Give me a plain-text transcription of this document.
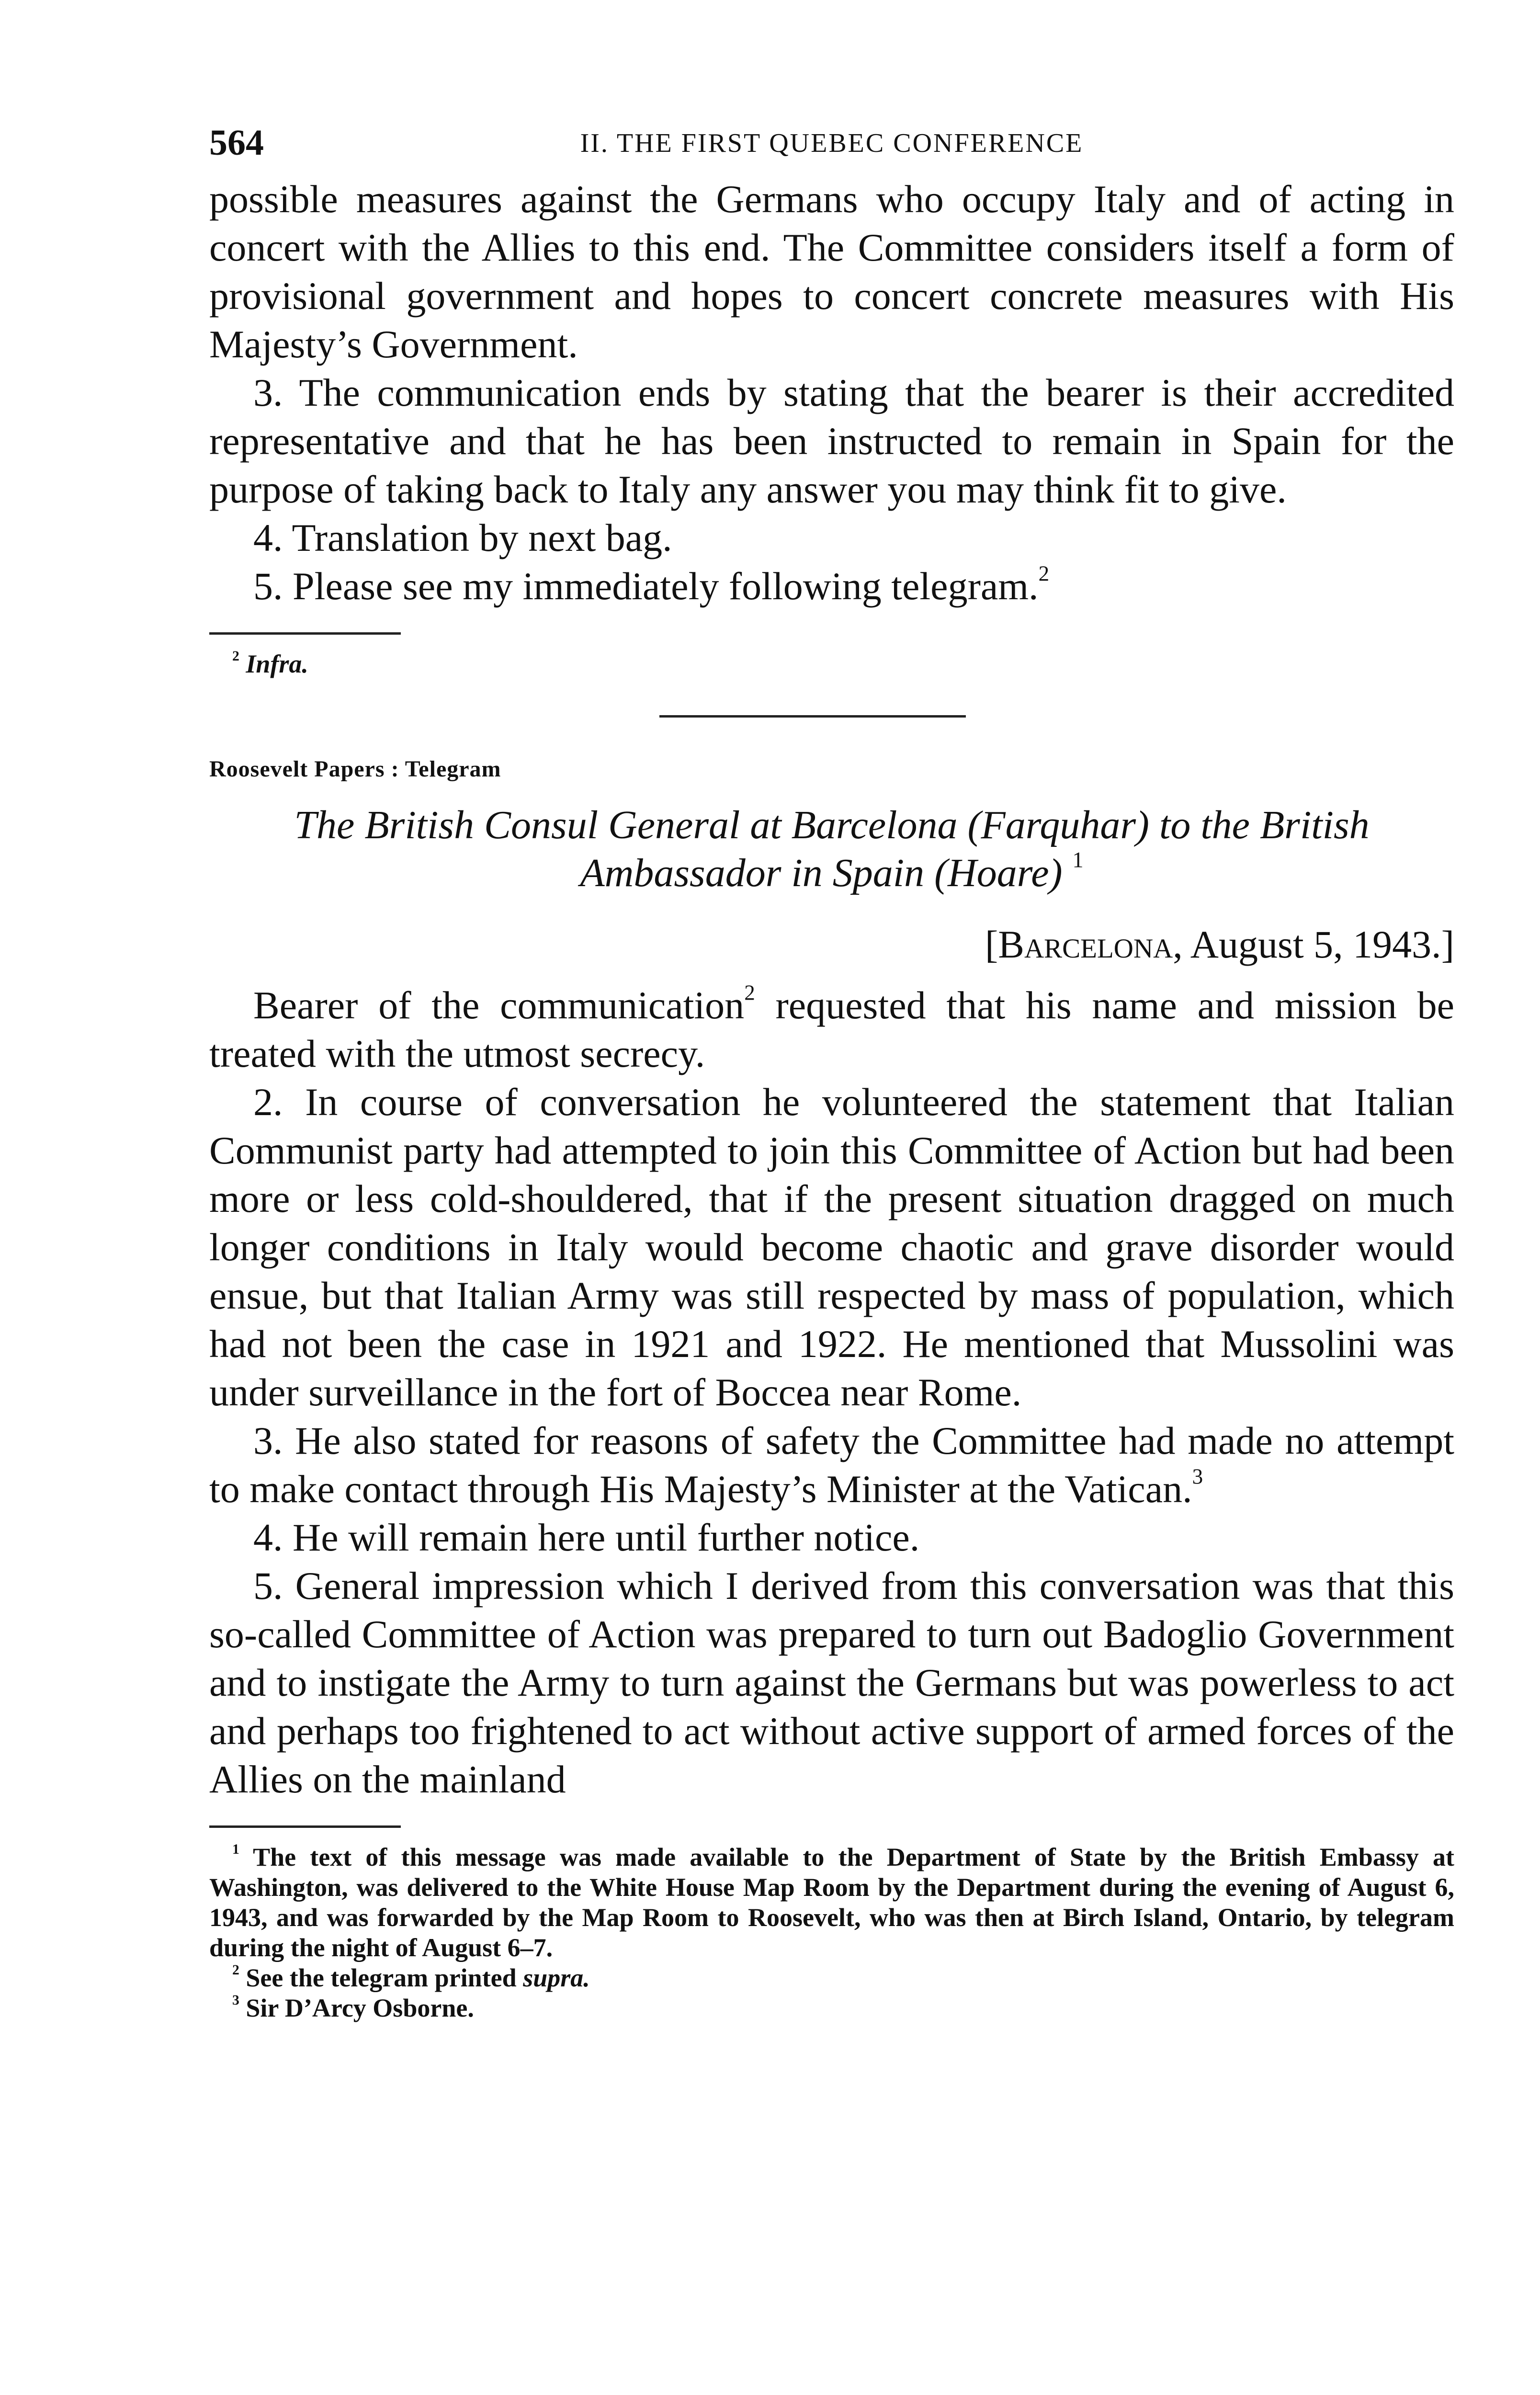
564	II. THE FIRST QUEBEC CONFERENCE

possible measures against the Germans who occupy Italy and of acting in concert with the Allies to this end. The Committee considers itself a form of provisional government and hopes to concert concrete measures with His Majesty’s Government.

3. The communication ends by stating that the bearer is their accredited representative and that he has been instructed to remain in Spain for the purpose of taking back to Italy any answer you may think fit to give.

4. Translation by next bag.

5. Please see my immediately following telegram.$^2$

$^2$ Infra.

Roosevelt Papers : Telegram
The British Consul General at Barcelona (Farquhar) to the British Ambassador in Spain (Hoare) $^1$
[Barcelona, August 5, 1943.]

Bearer of the communication$^2$ requested that his name and mission be treated with the utmost secrecy.

2. In course of conversation he volunteered the statement that Italian Communist party had attempted to join this Committee of Action but had been more or less cold-shouldered, that if the present situation dragged on much longer conditions in Italy would become chaotic and grave disorder would ensue, but that Italian Army was still respected by mass of population, which had not been the case in 1921 and 1922. He mentioned that Mussolini was under surveillance in the fort of Boccea near Rome.

3. He also stated for reasons of safety the Committee had made no attempt to make contact through His Majesty’s Minister at the Vatican.$^3$

4. He will remain here until further notice.

5. General impression which I derived from this conversation was that this so-called Committee of Action was prepared to turn out Badoglio Government and to instigate the Army to turn against the Germans but was powerless to act and perhaps too frightened to act without active support of armed forces of the Allies on the mainland

$^1$ The text of this message was made available to the Department of State by the British Embassy at Washington, was delivered to the White House Map Room by the Department during the evening of August 6, 1943, and was forwarded by the Map Room to Roosevelt, who was then at Birch Island, Ontario, by telegram during the night of August 6–7.

$^2$ See the telegram printed supra.

$^3$ Sir D’Arcy Osborne.
